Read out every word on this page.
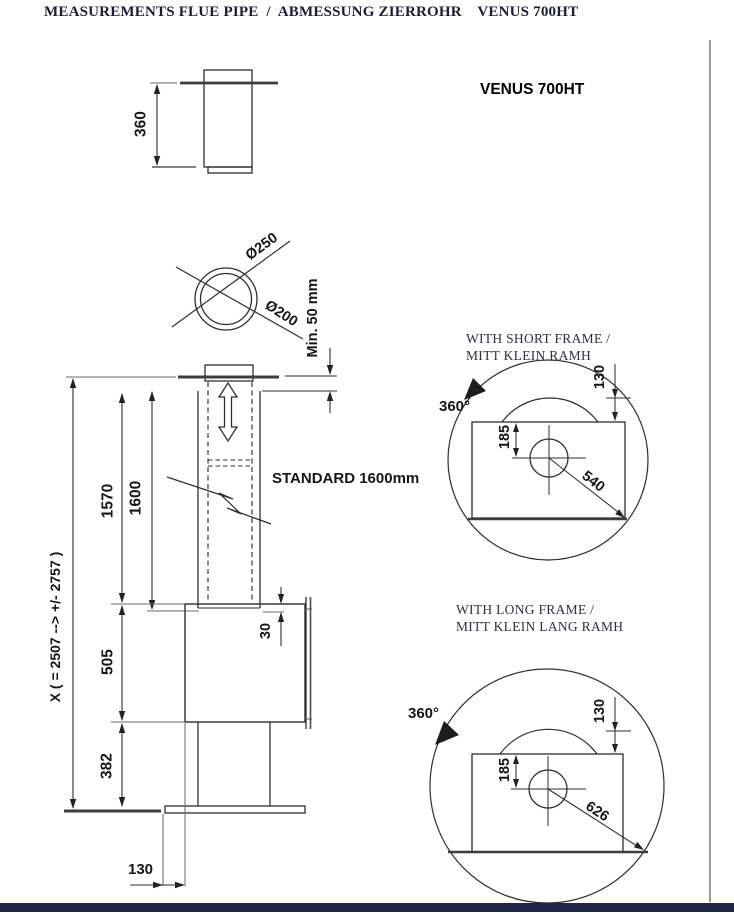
MEASUREMENTS FLUE PIPE  /  ABMESSUNG ZIERROHR    VENUS 700HT
VENUS 700HT
360
Ø250
Ø200 Min. 50 mm
STANDARD 1600mm
1570 1600
X ( = 2507 --> +/- 2757 ) 505
382
30
130
WITH SHORT FRAME /
MITT KLEIN RAMH
360°
130
185
540
WITH LONG FRAME /
MITT KLEIN LANG RAMH
360°	130
185
626
